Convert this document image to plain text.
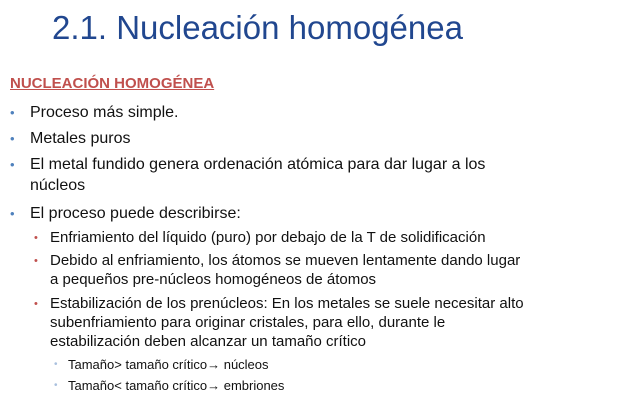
2.1. Nucleación homogénea
NUCLEACIÓN HOMOGÉNEA
• Proceso más simple.
• Metales puros
• El metal fundido genera ordenación atómica para dar lugar a los
núcleos
• El proceso puede describirse:
• Enfriamiento del líquido (puro) por debajo de la T de solidificación
• Debido al enfriamiento, los átomos se mueven lentamente dando lugar
a pequeños pre-núcleos homogéneos de átomos
• Estabilización de los prenúcleos: En los metales se suele necesitar alto
subenfriamiento para originar cristales, para ello, durante le
estabilización deben alcanzar un tamaño crítico
• Tamaño> tamaño crítico→ núcleos
• Tamaño< tamaño crítico→ embriones
